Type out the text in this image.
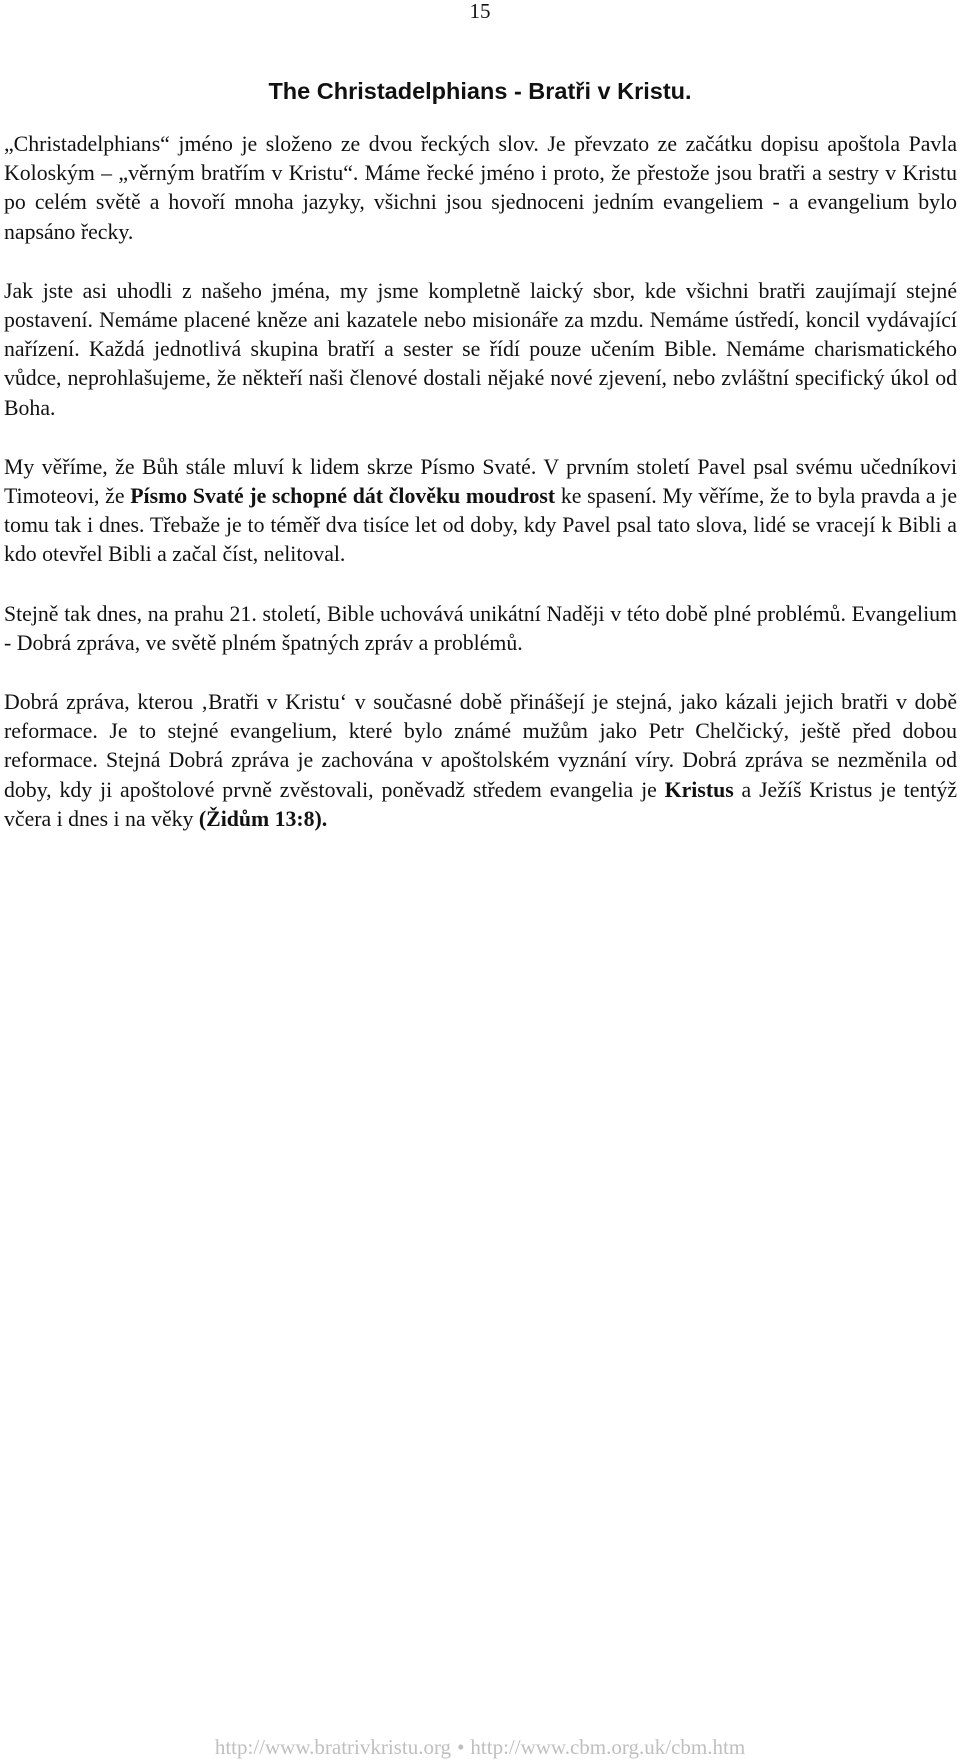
15
The Christadelphians - Bratři v Kristu.

„Christadelphians“ jméno je složeno ze dvou řeckých slov. Je převzato ze začátku dopisu apoštola Pavla Koloským – „věrným bratřím v Kristu“. Máme řecké jméno i proto, že přestože jsou bratři a sestry v Kristu po celém světě a hovoří mnoha jazyky, všichni jsou sjednoceni jedním evangeliem - a evangelium bylo napsáno řecky.

Jak jste asi uhodli z našeho jména, my jsme kompletně laický sbor, kde všichni bratři zaujímají stejné postavení. Nemáme placené kněze ani kazatele nebo misionáře za mzdu. Nemáme ústředí, koncil vydávající nařízení. Každá jednotlivá skupina bratří a sester se řídí pouze učením Bible. Nemáme charismatického vůdce, neprohlašujeme, že někteří naši členové dostali nějaké nové zjevení, nebo zvláštní specifický úkol od Boha.

My věříme, že Bůh stále mluví k lidem skrze Písmo Svaté. V prvním století Pavel psal svému učedníkovi Timoteovi, že Písmo Svaté je schopné dát člověku moudrost ke spasení. My věříme, že to byla pravda a je tomu tak i dnes. Třebaže je to téměř dva tisíce let od doby, kdy Pavel psal tato slova, lidé se vracejí k Bibli a kdo otevřel Bibli a začal číst, nelitoval.

Stejně tak dnes, na prahu 21. století, Bible uchovává unikátní Naději v této době plné problémů. Evangelium - Dobrá zpráva, ve světě plném špatných zpráv a problémů.

Dobrá zpráva, kterou ‚Bratři v Kristu‘ v současné době přinášejí je stejná, jako kázali jejich bratři v době reformace. Je to stejné evangelium, které bylo známé mužům jako Petr Chelčický, ještě před dobou reformace. Stejná Dobrá zpráva je zachována v apoštolském vyznání víry. Dobrá zpráva se nezměnila od doby, kdy ji apoštolové prvně zvěstovali, poněvadž středem evangelia je Kristus a Ježíš Kristus je tentýž včera i dnes i na věky (Židům 13:8).

http://www.bratrivkristu.org • http://www.cbm.org.uk/cbm.htm
